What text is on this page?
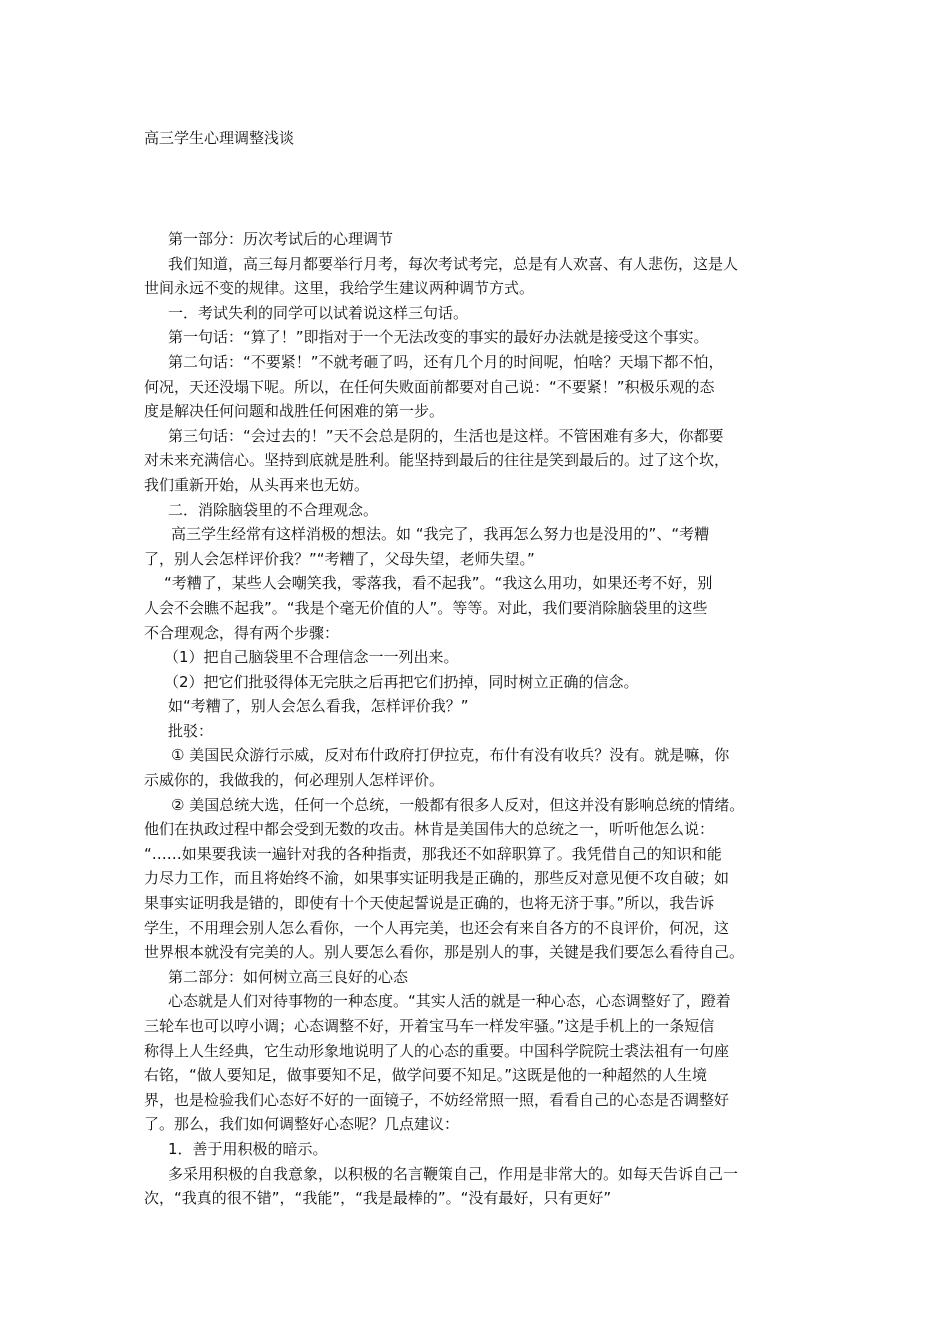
高三学生心理调整浅谈
第一部分：历次考试后的心理调节
我们知道，高三每月都要举行月考，每次考试考完，总是有人欢喜、有人悲伤，这是人
世间永远不变的规律。这里，我给学生建议两种调节方式。
一．考试失利的同学可以试着说这样三句话。
第一句话：“算了！”即指对于一个无法改变的事实的最好办法就是接受这个事实。
第二句话：“不要紧！”不就考砸了吗，还有几个月的时间呢，怕啥？天塌下都不怕，
何况，天还没塌下呢。所以，在任何失败面前都要对自己说：“不要紧！”积极乐观的态
度是解决任何问题和战胜任何困难的第一步。
第三句话：“会过去的！”天不会总是阴的，生活也是这样。不管困难有多大，你都要
对未来充满信心。坚持到底就是胜利。能坚持到最后的往往是笑到最后的。过了这个坎，
我们重新开始，从头再来也无妨。
二．消除脑袋里的不合理观念。
高三学生经常有这样消极的想法。如 “我完了，我再怎么努力也是没用的”、“考糟
了，别人会怎样评价我？”“考糟了，父母失望，老师失望。”
“考糟了，某些人会嘲笑我，零落我，看不起我”。“我这么用功，如果还考不好，别
人会不会瞧不起我”。“我是个毫无价值的人”。等等。对此，我们要消除脑袋里的这些
不合理观念，得有两个步骤：
（1）把自己脑袋里不合理信念一一列出来。
（2）把它们批驳得体无完肤之后再把它们扔掉，同时树立正确的信念。
如“考糟了，别人会怎么看我，怎样评价我？”
批驳：
① 美国民众游行示威，反对布什政府打伊拉克，布什有没有收兵？没有。就是嘛，你
示威你的，我做我的，何必理别人怎样评价。
② 美国总统大选，任何一个总统，一般都有很多人反对，但这并没有影响总统的情绪。
他们在执政过程中都会受到无数的攻击。林肯是美国伟大的总统之一，听听他怎么说：
“……如果要我读一遍针对我的各种指责，那我还不如辞职算了。我凭借自己的知识和能
力尽力工作，而且将始终不渝，如果事实证明我是正确的，那些反对意见便不攻自破；如
果事实证明我是错的，即使有十个天使起誓说是正确的，也将无济于事。”所以，我告诉
学生，不用理会别人怎么看你，一个人再完美，也还会有来自各方的不良评价，何况，这
世界根本就没有完美的人。别人要怎么看你，那是别人的事，关键是我们要怎么看待自己。
第二部分：如何树立高三良好的心态
心态就是人们对待事物的一种态度。“其实人活的就是一种心态，心态调整好了，蹬着
三轮车也可以哼小调；心态调整不好，开着宝马车一样发牢骚。”这是手机上的一条短信
称得上人生经典，它生动形象地说明了人的心态的重要。中国科学院院士裘法祖有一句座
右铭，“做人要知足，做事要知不足，做学问要不知足。”这既是他的一种超然的人生境
界，也是检验我们心态好不好的一面镜子，不妨经常照一照，看看自己的心态是否调整好
了。那么，我们如何调整好心态呢？几点建议：
1．善于用积极的暗示。
多采用积极的自我意象，以积极的名言鞭策自己，作用是非常大的。如每天告诉自己一
次，“我真的很不错”，“我能”，“我是最棒的”。“没有最好，只有更好”
